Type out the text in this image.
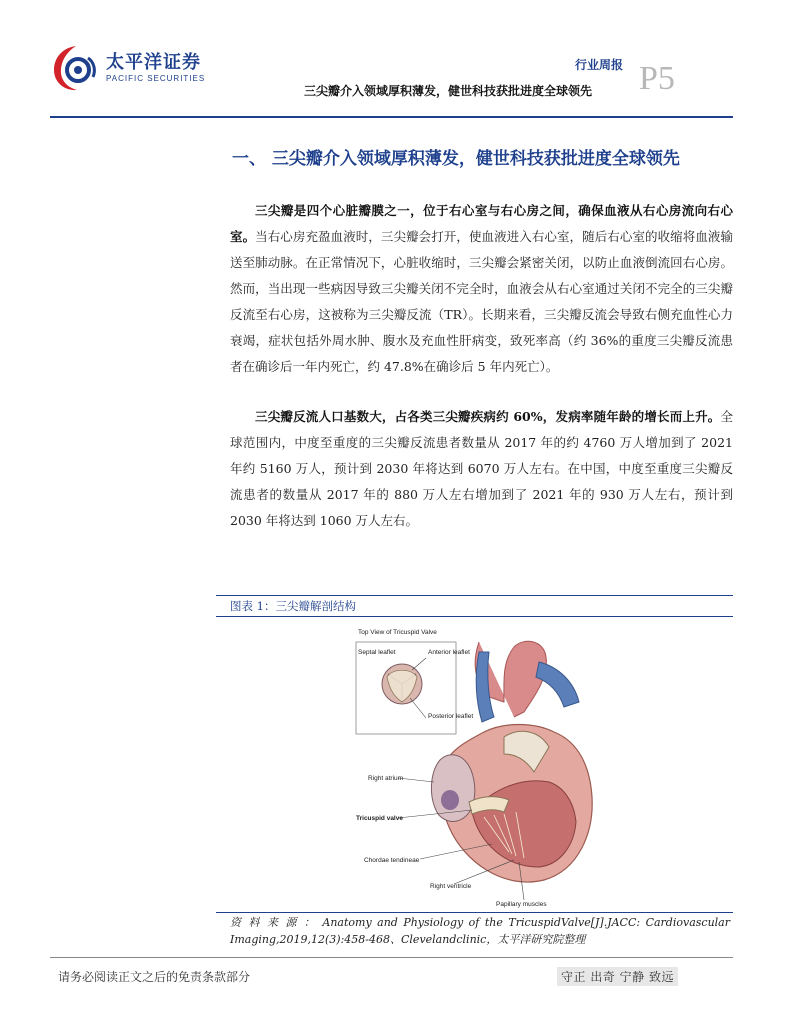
太平洋证券
PACIFIC SECURITIES
行业周报
三尖瓣介入领域厚积薄发，健世科技获批进度全球领先 P5
一、 三尖瓣介入领域厚积薄发，健世科技获批进度全球领先
三尖瓣是四个心脏瓣膜之一，位于右心室与右心房之间，确保血液从右心房流向右心室。当右心房充盈血液时，三尖瓣会打开，使血液进入右心室，随后右心室的收缩将血液输送至肺动脉。在正常情况下，心脏收缩时，三尖瓣会紧密关闭，以防止血液倒流回右心房。然而，当出现一些病因导致三尖瓣关闭不完全时，血液会从右心室通过关闭不完全的三尖瓣反流至右心房，这被称为三尖瓣反流（TR）。长期来看，三尖瓣反流会导致右侧充血性心力衰竭，症状包括外周水肿、腹水及充血性肝病变，致死率高（约 36%的重度三尖瓣反流患者在确诊后一年内死亡，约 47.8%在确诊后 5 年内死亡）。
三尖瓣反流人口基数大，占各类三尖瓣疾病约 60%，发病率随年龄的增长而上升。全球范围内，中度至重度的三尖瓣反流患者数量从 2017 年的约 4760 万人增加到了 2021 年约 5160 万人，预计到 2030 年将达到 6070 万人左右。在中国，中度至重度三尖瓣反流患者的数量从 2017 年的 880 万人左右增加到了 2021 年的 930 万人左右，预计到 2030 年将达到 1060 万人左右。
图表 1：三尖瓣解剖结构
Top View of Tricuspid Valve
Septal leaflet	Anterior leaflet
Posterior leaflet
Right atrium
Tricuspid valve
Chordae tendineae
Right ventricle
Papillary muscles
资 料 来 源 ： Anatomy and Physiology of the TricuspidValve[J].JACC: Cardiovascular Imaging,2019,12(3):458-468、Clevelandclinic，太平洋研究院整理
请务必阅读正文之后的免责条款部分	守正 出奇 宁静 致远
